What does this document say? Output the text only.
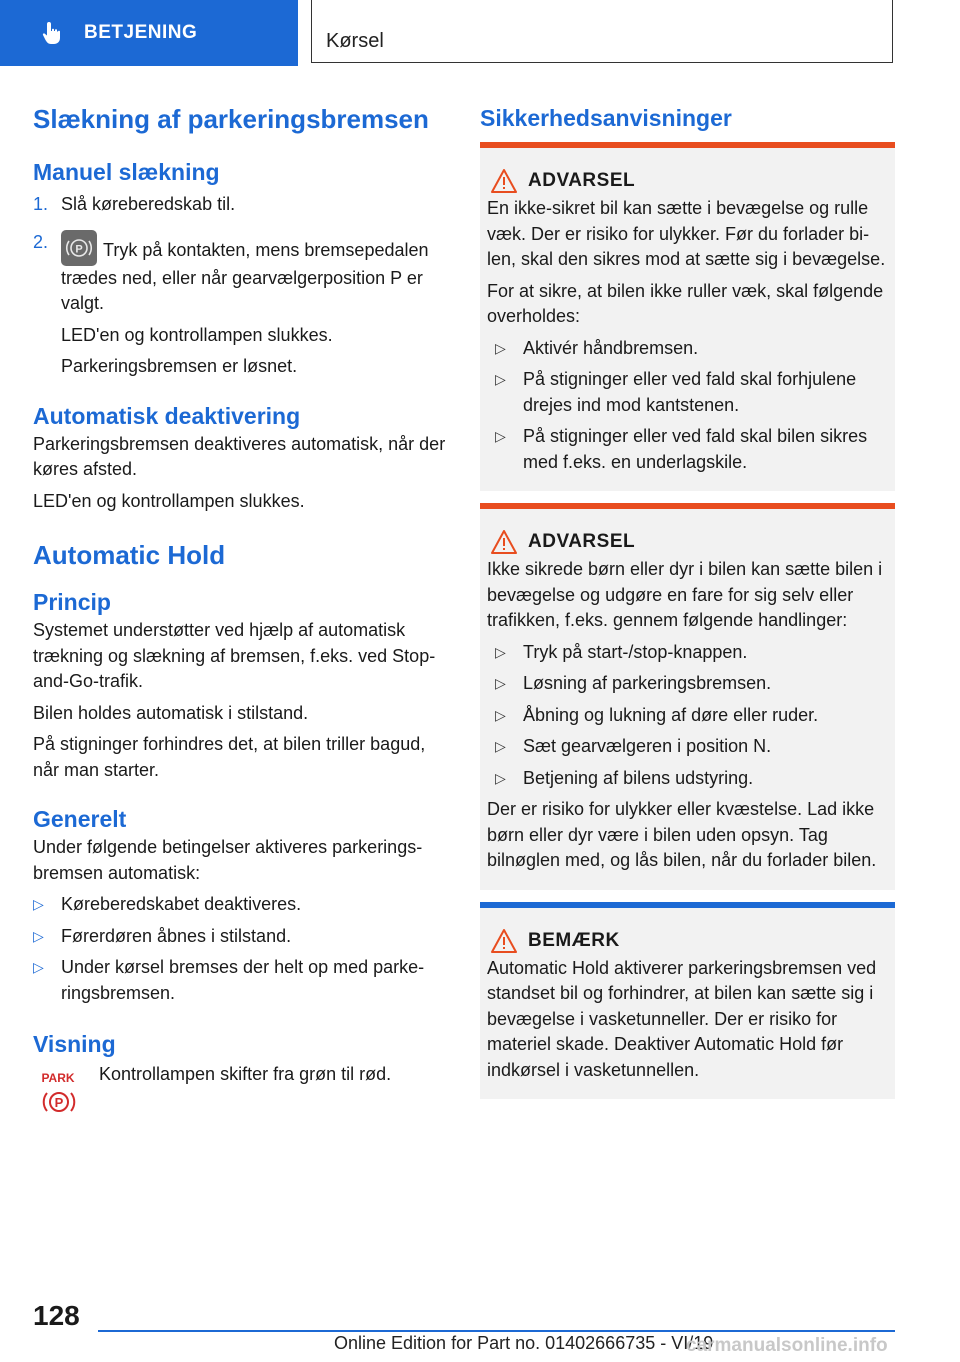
BETJENING	Kørsel
Slækning af parkeringsbremsen
Manuel slækning
1. Slå køreberedskab til.
2.	P Tryk på kontakten, mens bremsepedalen trædes ned, eller når gearvælgerposition P er valgt.
LED'en og kontrollampen slukkes.
Parkeringsbremsen er løsnet.
Automatisk deaktivering

Parkeringsbremsen deaktiveres automatisk, når der køres afsted.

LED'en og kontrollampen slukkes.

Automatic Hold
Princip

Systemet understøtter ved hjælp af automatisk trækning og slækning af bremsen, f.eks. ved Stop-and-Go-trafik.

Bilen holdes automatisk i stilstand.

På stigninger forhindres det, at bilen triller bagud, når man starter.

Generelt

Under følgende betingelser aktiveres parkeringsbremsen automatisk:

▷ Køreberedskabet deaktiveres.
▷ Førerdøren åbnes i stilstand.
▷ Under kørsel bremses der helt op med parkeringsbremsen.
Visning
PARK
P

Kontrollampen skifter fra grøn til rød.

Sikkerhedsanvisninger
ADVARSEL

En ikke-sikret bil kan sætte i bevægelse og rulle væk. Der er risiko for ulykker. Før du forlader bilen, skal den sikres mod at sætte sig i bevægelse.

For at sikre, at bilen ikke ruller væk, skal følgende overholdes:

▷ Aktivér håndbremsen.
▷ På stigninger eller ved fald skal forhjulene drejes ind mod kantstenen.
▷ På stigninger eller ved fald skal bilen sikres med f.eks. en underlagskile.
ADVARSEL

Ikke sikrede børn eller dyr i bilen kan sætte bilen i bevægelse og udgøre en fare for sig selv eller trafikken, f.eks. gennem følgende handlinger:

▷ Tryk på start-/stop-knappen.
▷ Løsning af parkeringsbremsen.
▷ Åbning og lukning af døre eller ruder.
▷ Sæt gearvælgeren i position N.
▷ Betjening af bilens udstyring.

Der er risiko for ulykker eller kvæstelse. Lad ikke børn eller dyr være i bilen uden opsyn. Tag bilnøglen med, og lås bilen, når du forlader bilen.

BEMÆRK

Automatic Hold aktiverer parkeringsbremsen ved standset bil og forhindrer, at bilen kan sætte sig i bevægelse i vasketunneller. Der er risiko for materiel skade. Deaktiver Automatic Hold før indkørsel i vasketunnellen.

128
Online Edition for Part no. 01402666735 - VI/19
carmanualsonline.info
